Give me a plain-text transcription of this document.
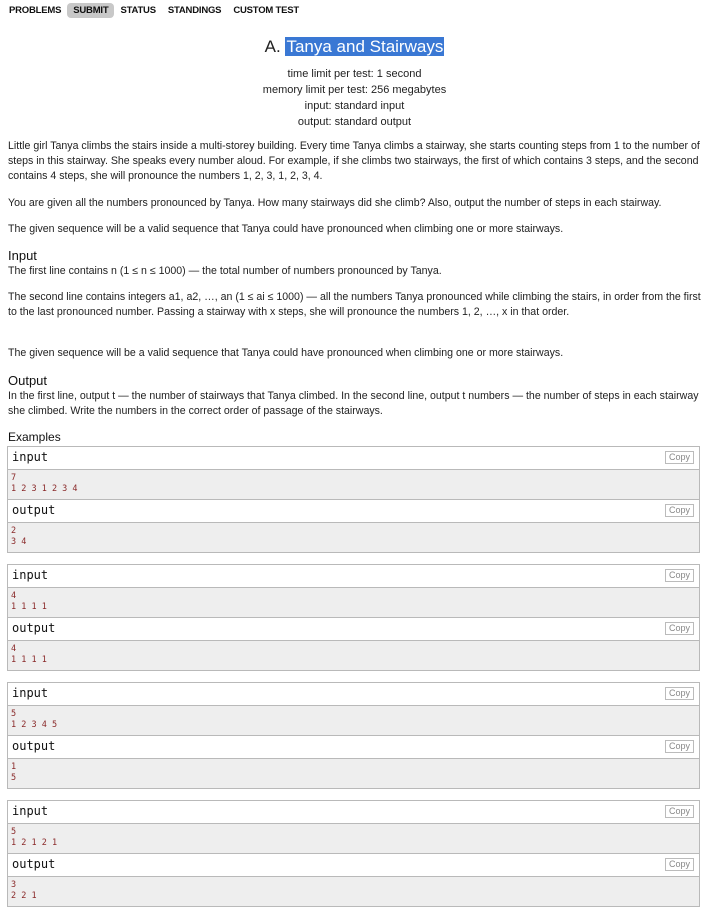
PROBLEMS	SUBMIT	STATUS	STANDINGS	CUSTOM TEST
A. Tanya and Stairways
time limit per test: 1 second
memory limit per test: 256 megabytes
input: standard input
output: standard output
Little girl Tanya climbs the stairs inside a multi-storey building. Every time Tanya climbs a stairway, she starts counting steps from 1 to the number of steps in this stairway. She speaks every number aloud. For example, if she climbs two stairways, the first of which contains 3 steps, and the second contains 4 steps, she will pronounce the numbers 1, 2, 3, 1, 2, 3, 4.
You are given all the numbers pronounced by Tanya. How many stairways did she climb? Also, output the number of steps in each stairway.
The given sequence will be a valid sequence that Tanya could have pronounced when climbing one or more stairways.
Input
The first line contains n (1 ≤ n ≤ 1000) — the total number of numbers pronounced by Tanya.
The second line contains integers a1, a2, …, an (1 ≤ ai ≤ 1000) — all the numbers Tanya pronounced while climbing the stairs, in order from the first to the last pronounced number. Passing a stairway with x steps, she will pronounce the numbers 1, 2, …, x in that order.
The given sequence will be a valid sequence that Tanya could have pronounced when climbing one or more stairways.
Output
In the first line, output t — the number of stairways that Tanya climbed. In the second line, output t numbers — the number of steps in each stairway she climbed. Write the numbers in the correct order of passage of the stairways.
Examples
input	Copy
7
1 2 3 1 2 3 4
output	Copy
2
3 4
input	Copy
4
1 1 1 1
output	Copy
4
1 1 1 1
input	Copy
5
1 2 3 4 5
output	Copy
1
5
input	Copy
5
1 2 1 2 1
output	Copy
3
2 2 1
